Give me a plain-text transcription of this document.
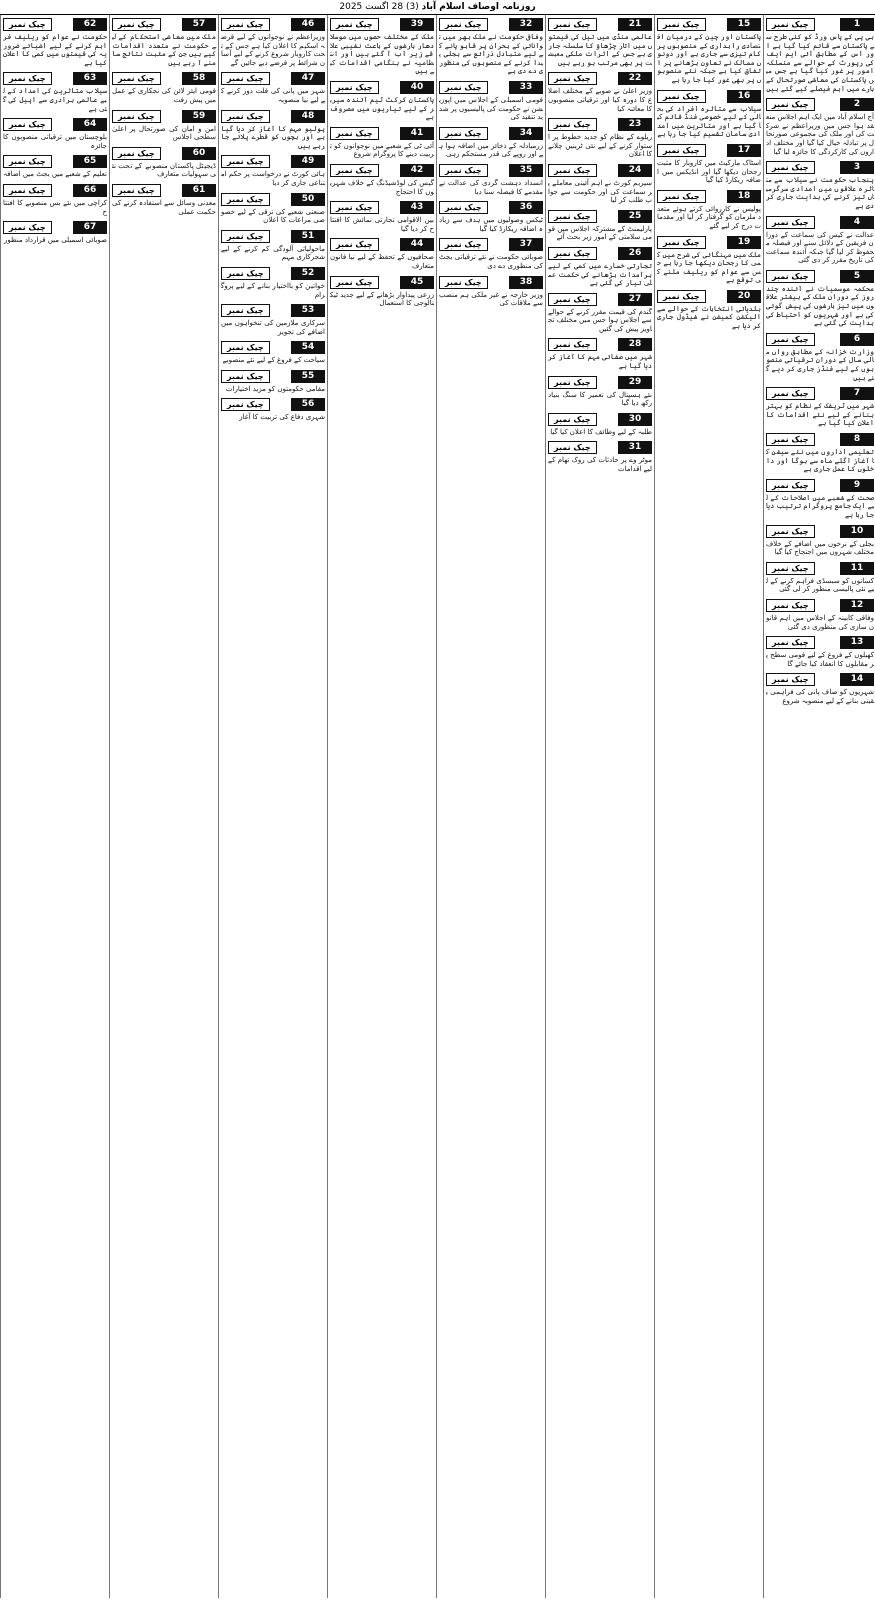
روزنامہ اوصاف اسلام آباد (3) 28 اگست 2025
1
چیک نمبر
بی پی کے پاس ورڈ کو کئی طرح سے پاکستان سے قائم کیا گیا ہے اور اس کے مطابق آئی ایم ایف کی رپورٹ کے حوالے سے منسلکہ امور پر غور کیا گیا ہے جس میں پاکستان کی معاشی صورتحال کے بارے میں اہم فیصلے کیے گئے ہیں
2
چیک نمبر
آج اسلام آباد میں ایک اہم اجلاس منعقد ہوا جس میں وزیراعظم نے شرکت کی اور ملک کی مجموعی صورتحال پر تبادلہ خیال کیا گیا اور مختلف اداروں کی کارکردگی کا جائزہ لیا گیا
3
چیک نمبر
پنجاب حکومت نے سیلاب سے متاثرہ علاقوں میں امدادی سرگرمیاں تیز کرنے کی ہدایت جاری کر دی ہے
4
چیک نمبر
عدالت نے کیس کی سماعت کے دوران فریقین کے دلائل سنے اور فیصلہ محفوظ کر لیا گیا جبکہ آئندہ سماعت کی تاریخ مقرر کر دی گئی
5
چیک نمبر
محکمہ موسمیات نے آئندہ چند روز کے دوران ملک کے بیشتر علاقوں میں تیز بارشوں کی پیش گوئی کی ہے اور شہریوں کو احتیاط کی ہدایت کی گئی ہے
6
چیک نمبر
وزارت خزانہ کے مطابق رواں مالی سال کے دوران ترقیاتی منصوبوں کے لیے فنڈز جاری کر دیے گئے ہیں
7
چیک نمبر
شہر میں ٹریفک کے نظام کو بہتر بنانے کے لیے نئے اقدامات کا اعلان کیا گیا ہے
8
چیک نمبر
تعلیمی اداروں میں نئے سیشن کا آغاز اگلے ماہ سے ہوگا اور داخلوں کا عمل جاری ہے
9
چیک نمبر
صحت کے شعبے میں اصلاحات کے لیے ایک جامع پروگرام ترتیب دیا جا رہا ہے
10
چیک نمبر
بجلی کے نرخوں میں اضافے کے خلاف مختلف شہروں میں احتجاج کیا گیا
11
چیک نمبر
کسانوں کو سبسڈی فراہم کرنے کے لیے نئی پالیسی منظور کر لی گئی
12
چیک نمبر
وفاقی کابینہ کے اجلاس میں اہم قانون سازی کی منظوری دی گئی
13
چیک نمبر
کھیلوں کے فروغ کے لیے قومی سطح پر مقابلوں کا انعقاد کیا جائے گا
14
چیک نمبر
شہریوں کو صاف پانی کی فراہمی یقینی بنانے کے لیے منصوبہ شروع
15
چیک نمبر
پاکستان اور چین کے درمیان اقتصادی راہداری کے منصوبوں پر کام تیزی سے جاری ہے اور دونوں ممالک نے تعاون بڑھانے پر اتفاق کیا ہے جبکہ نئے منصوبوں پر بھی غور کیا جا رہا ہے
16
چیک نمبر
سیلاب سے متاثرہ افراد کی بحالی کے لیے خصوصی فنڈ قائم کیا گیا ہے اور متاثرین میں امدادی سامان تقسیم کیا جا رہا ہے
17
چیک نمبر
اسٹاک مارکیٹ میں کاروبار کا مثبت رجحان دیکھا گیا اور انڈیکس میں اضافہ ریکارڈ کیا گیا
18
چیک نمبر
پولیس نے کارروائی کرتے ہوئے متعدد ملزمان کو گرفتار کر لیا اور مقدمات درج کر لیے گئے
19
چیک نمبر
ملک میں مہنگائی کی شرح میں کمی کا رجحان دیکھا جا رہا ہے جس سے عوام کو ریلیف ملنے کی توقع ہے
20
چیک نمبر
بلدیاتی انتخابات کے حوالے سے الیکشن کمیشن نے شیڈول جاری کر دیا ہے
21
چیک نمبر
عالمی منڈی میں تیل کی قیمتوں میں اتار چڑھاؤ کا سلسلہ جاری ہے جس کے اثرات ملکی معیشت پر بھی مرتب ہو رہے ہیں
22
چیک نمبر
وزیر اعلیٰ نے صوبے کے مختلف اضلاع کا دورہ کیا اور ترقیاتی منصوبوں کا معائنہ کیا
23
چیک نمبر
ریلوے کے نظام کو جدید خطوط پر استوار کرنے کے لیے نئی ٹرینیں چلانے کا اعلان
24
چیک نمبر
سپریم کورٹ نے اہم آئینی معاملے پر سماعت کی اور حکومت سے جواب طلب کر لیا
25
چیک نمبر
پارلیمنٹ کے مشترکہ اجلاس میں قومی سلامتی کے امور زیر بحث آئے
26
چیک نمبر
تجارتی خسارے میں کمی کے لیے برآمدات بڑھانے کی حکمت عملی تیار کی گئی ہے
27
چیک نمبر
گندم کی قیمت مقرر کرنے کے حوالے سے اجلاس ہوا جس میں مختلف تجاویز پیش کی گئیں
28
چیک نمبر
شہر میں صفائی مہم کا آغاز کر دیا گیا ہے
29
چیک نمبر
نئے ہسپتال کی تعمیر کا سنگ بنیاد رکھ دیا گیا
30
چیک نمبر
طلبہ کے لیے وظائف کا اعلان کیا گیا
31
چیک نمبر
موٹر وے پر حادثات کی روک تھام کے لیے اقدامات
32
چیک نمبر
وفاقی حکومت نے ملک بھر میں توانائی کے بحران پر قابو پانے کے لیے متبادل ذرائع سے بجلی پیدا کرنے کے منصوبوں کی منظوری دے دی ہے
33
چیک نمبر
قومی اسمبلی کے اجلاس میں اپوزیشن نے حکومت کی پالیسیوں پر شدید تنقید کی
34
چیک نمبر
زرمبادلہ کے ذخائر میں اضافہ ہوا ہے اور روپے کی قدر مستحکم رہی
35
چیک نمبر
انسداد دہشت گردی کی عدالت نے مقدمے کا فیصلہ سنا دیا
36
چیک نمبر
ٹیکس وصولیوں میں ہدف سے زیادہ اضافہ ریکارڈ کیا گیا
37
چیک نمبر
صوبائی حکومت نے نئے ترقیاتی بجٹ کی منظوری دے دی
38
چیک نمبر
وزیر خارجہ نے غیر ملکی ہم منصب سے ملاقات کی
39
چیک نمبر
ملک کے مختلف حصوں میں موسلا دھار بارشوں کے باعث نشیبی علاقے زیر آب آ گئے ہیں اور انتظامیہ نے ہنگامی اقدامات کیے ہیں
40
چیک نمبر
پاکستان کرکٹ ٹیم آئندہ سیریز کے لیے تیاریوں میں مصروف ہے
41
چیک نمبر
آئی ٹی کے شعبے میں نوجوانوں کو تربیت دینے کا پروگرام شروع
42
چیک نمبر
گیس کی لوڈشیڈنگ کے خلاف شہریوں کا احتجاج
43
چیک نمبر
بین الاقوامی تجارتی نمائش کا افتتاح کر دیا گیا
44
چیک نمبر
صحافیوں کے تحفظ کے لیے نیا قانون متعارف
45
چیک نمبر
زرعی پیداوار بڑھانے کے لیے جدید ٹیکنالوجی کا استعمال
46
چیک نمبر
وزیراعظم نے نوجوانوں کے لیے قرضہ اسکیم کا اعلان کیا ہے جس کے تحت کاروبار شروع کرنے کے لیے آسان شرائط پر قرضے دیے جائیں گے
47
چیک نمبر
شہر میں پانی کی قلت دور کرنے کے لیے نیا منصوبہ
48
چیک نمبر
پولیو مہم کا آغاز کر دیا گیا ہے اور بچوں کو قطرے پلائے جا رہے ہیں
49
چیک نمبر
ہائی کورٹ نے درخواست پر حکم امتناعی جاری کر دیا
50
چیک نمبر
صنعتی شعبے کی ترقی کے لیے خصوصی مراعات کا اعلان
51
چیک نمبر
ماحولیاتی آلودگی کم کرنے کے لیے شجرکاری مہم
52
چیک نمبر
خواتین کو بااختیار بنانے کے لیے پروگرام
53
چیک نمبر
سرکاری ملازمین کی تنخواہوں میں اضافے کی تجویز
54
چیک نمبر
سیاحت کے فروغ کے لیے نئے منصوبے
55
چیک نمبر
مقامی حکومتوں کو مزید اختیارات
56
چیک نمبر
شہری دفاع کی تربیت کا آغاز
57
چیک نمبر
ملک میں معاشی استحکام کے لیے حکومت نے متعدد اقدامات کیے ہیں جن کے مثبت نتائج سامنے آ رہے ہیں
58
چیک نمبر
قومی ایئر لائن کی نجکاری کے عمل میں پیش رفت
59
چیک نمبر
امن و امان کی صورتحال پر اعلیٰ سطحی اجلاس
60
چیک نمبر
ڈیجیٹل پاکستان منصوبے کے تحت نئی سہولیات متعارف
61
چیک نمبر
معدنی وسائل سے استفادہ کرنے کی حکمت عملی
62
چیک نمبر
حکومت نے عوام کو ریلیف فراہم کرنے کے لیے اشیائے ضروریہ کی قیمتوں میں کمی کا اعلان کیا ہے
63
چیک نمبر
سیلاب متاثرین کی امداد کے لیے عالمی برادری سے اپیل کی گئی ہے
64
چیک نمبر
بلوچستان میں ترقیاتی منصوبوں کا جائزہ
65
چیک نمبر
تعلیم کے شعبے میں بجٹ میں اضافہ
66
چیک نمبر
کراچی میں نئے بس منصوبے کا افتتاح
67
چیک نمبر
صوبائی اسمبلی میں قرارداد منظور
